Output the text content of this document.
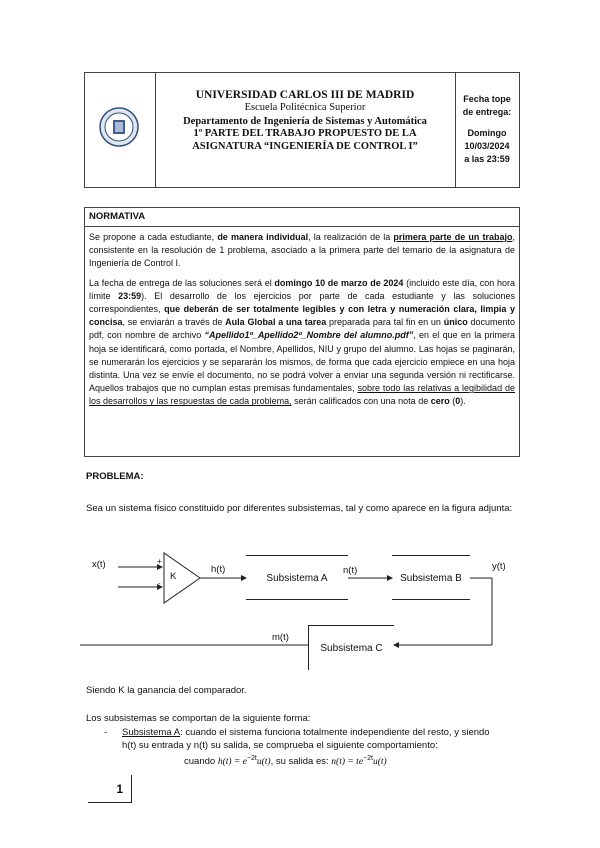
UNIVERSIDAD CARLOS III DE MADRID
Escuela Politécnica Superior
Departamento de Ingeniería de Sistemas y Automática
1º PARTE DEL TRABAJO PROPUESTO DE LA
ASIGNATURA “INGENIERÍA DE CONTROL I”
Fecha tope
de entrega:
Domingo
10/03/2024
a las 23:59
NORMATIVA

Se propone a cada estudiante, de manera individual, la realización de la primera parte de un trabajo, consistente en la resolución de 1 problema, asociado a la primera parte del temario de la asignatura de Ingeniería de Control I.

La fecha de entrega de las soluciones será el domingo 10 de marzo de 2024 (incluido este día, con hora límite 23:59). El desarrollo de los ejercicios por parte de cada estudiante y las soluciones correspondientes, que deberán de ser totalmente legibles y con letra y numeración clara, limpia y concisa, se enviarán a través de Aula Global a una tarea preparada para tal fin en un único documento pdf, con nombre de archivo “Apellido1º_Apellido2º_Nombre del alumno.pdf”, en el que en la primera hoja se identificará, como portada, el Nombre, Apellidos, NIU y grupo del alumno. Las hojas se paginarán, se numerarán los ejercicios y se separarán los mismos, de forma que cada ejercicio empiece en una hoja distinta. Una vez se envíe el documento, no se podrá volver a enviar una segunda versión ni rectificarse. Aquellos trabajos que no cumplan estas premisas fundamentales, sobre todo las relativas a legibilidad de los desarrollos y las respuestas de cada problema, serán calificados con una nota de cero (0).

PROBLEMA:
Sea un sistema físico constituido por diferentes subsistemas, tal y como aparece en la figura adjunta:
x(t)	+
-
K
h(t)	n(t)	y(t)
m(t)
Subsistema A	Subsistema B
Subsistema C
Siendo K la ganancia del comparador.
Los subsistemas se comportan de la siguiente forma:
- Subsistema A: cuando el sistema funciona totalmente independiente del resto, y siendo
h(t) su entrada y n(t) su salida, se comprueba el siguiente comportamiento:
cuando $h(t) = e^{-2t}u(t)$, su salida es: $n(t) = te^{-2t}u(t)$
1
